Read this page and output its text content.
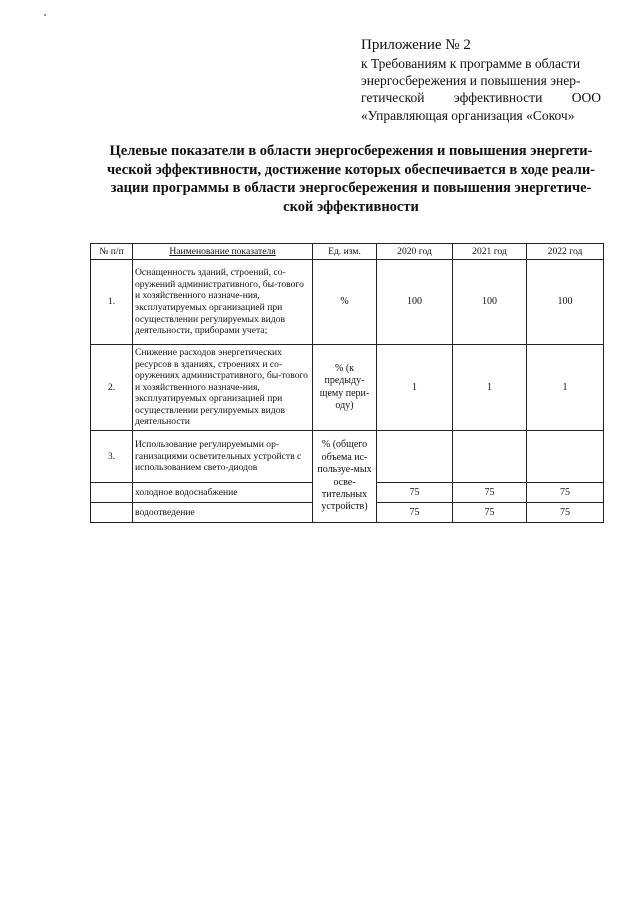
Приложение № 2
к Требованиям к программе в области
энергосбережения и повышения энер-
гетической эффективности ООО
«Управляющая организация «Сокоч»
Целевые показатели в области энергосбережения и повышения энергети-
ческой эффективности, достижение которых обеспечивается в ходе реали-
зации программы в области энергосбережения и повышения энергетиче-
ской эффективности
№ п/п	Наименование показателя	Ед. изм.	2020 год	2021 год	2022 год
1.	Оснащенность зданий, строений, со-оружений административного, бы-тового и хозяйственного назначе-ния, эксплуатируемых организацией при осуществлении регулируемых видов деятельности, приборами учета;	%	100	100	100
2.	Снижение расходов энергетических ресурсов в зданиях, строениях и со-оружениях административного, бы-тового и хозяйственного назначе-ния, эксплуатируемых организацией при осуществлении регулируемых видов деятельности	% (к предыду-щему пери-оду)	1	1	1
3.	Использование регулируемыми ор-ганизациями осветительных устройств с использованием свето-диодов	% (общего объема ис-пользуе-мых осве-тительных устройств)			

	холодное водоснабжение		75	75	75

	водоотведение		75	75	75
